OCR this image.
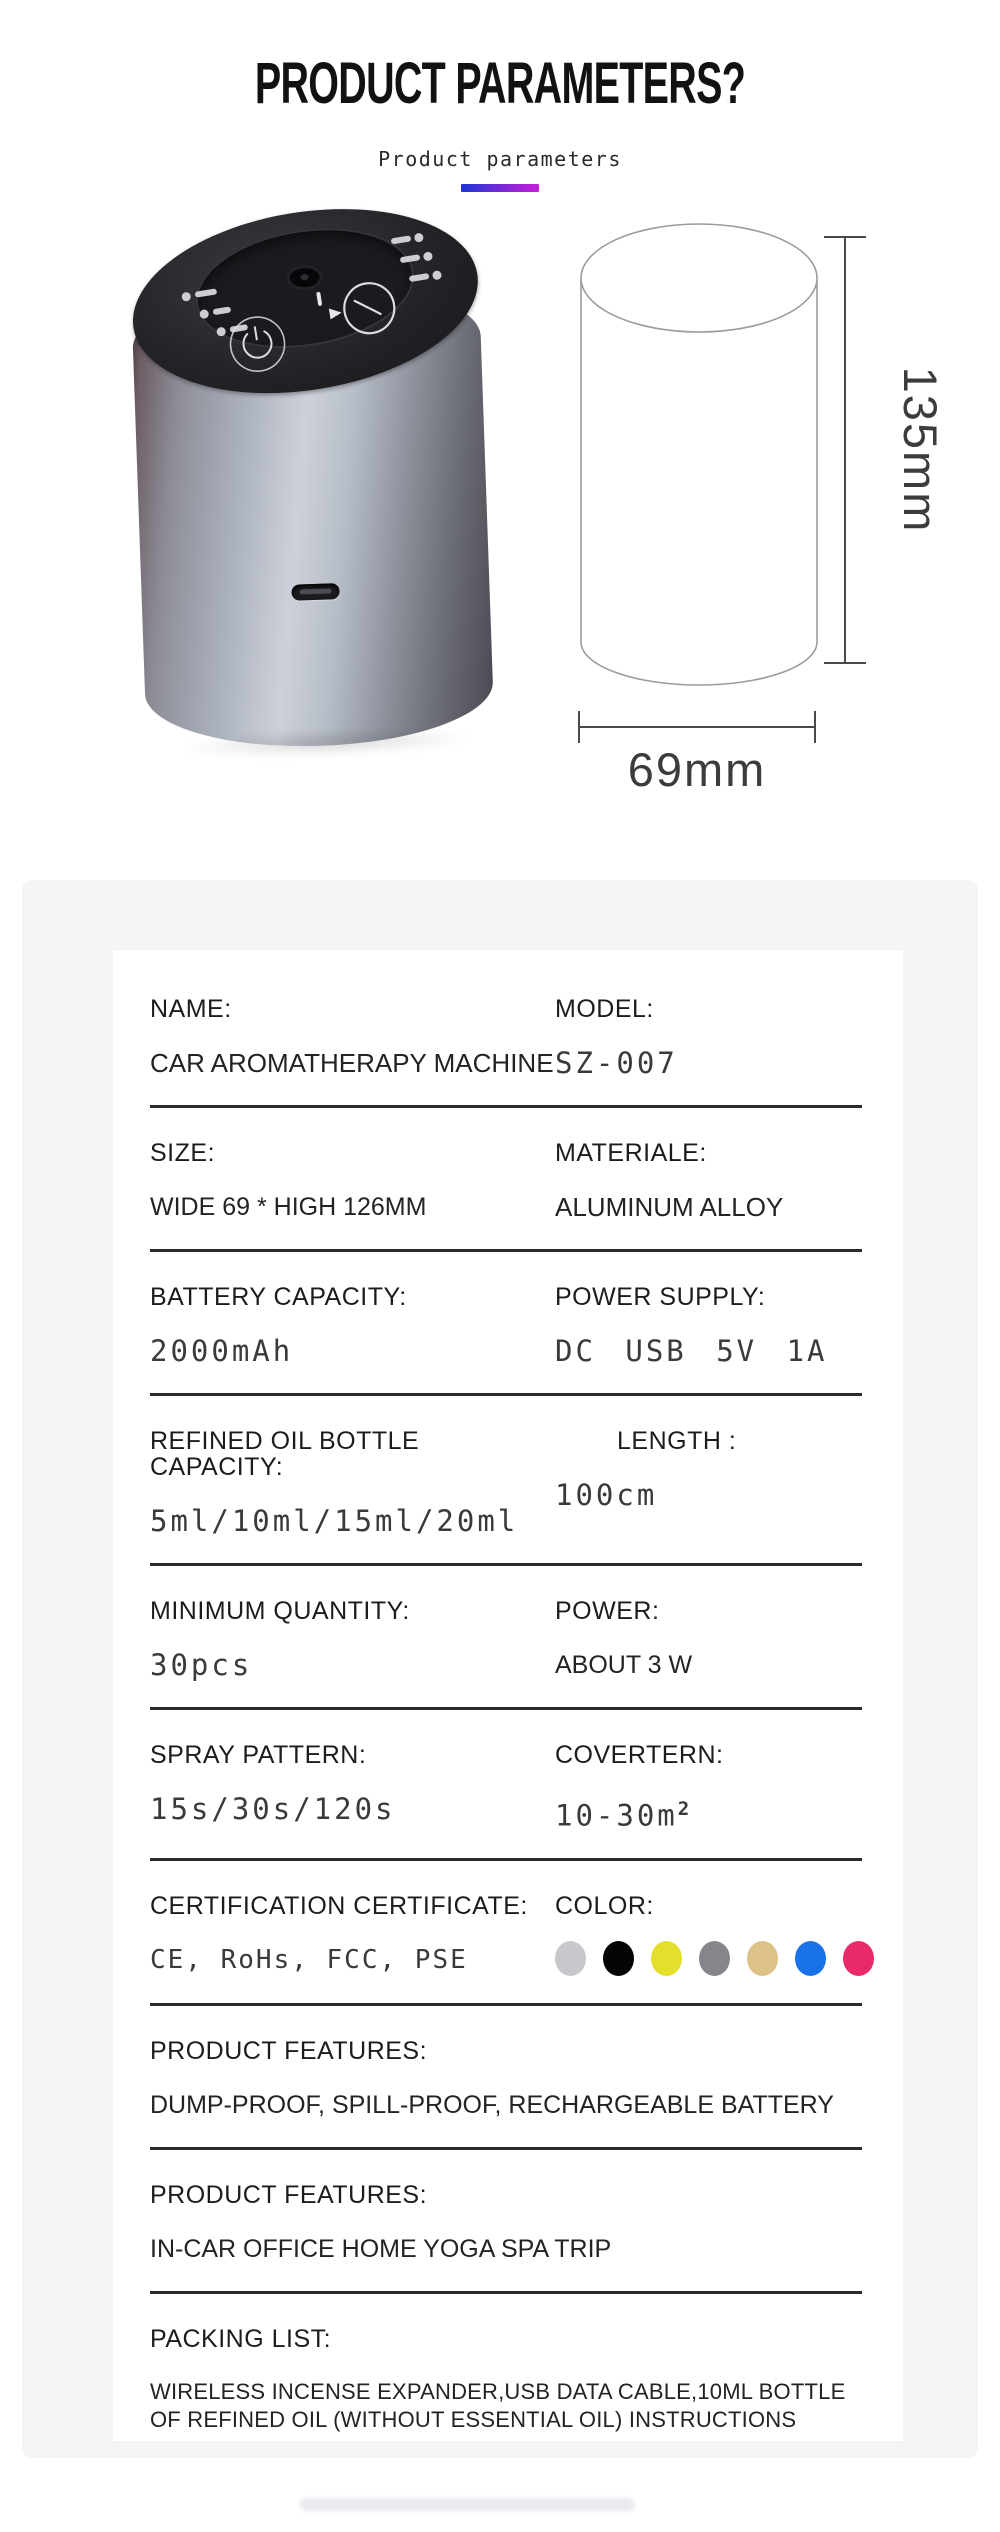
PRODUCT PARAMETERS?
Product parameters
135mm
69mm
NAME:
CAR AROMATHERAPY MACHINE
MODEL:
SZ-007
SIZE:
WIDE 69 * HIGH 126MM
MATERIALE:
ALUMINUM ALLOY
BATTERY CAPACITY:
2000mAh
POWER SUPPLY:
DC USB 5V 1A
REFINED OIL BOTTLE CAPACITY:
5ml/10ml/15ml/20ml
LENGTH :
100cm
MINIMUM QUANTITY:
30pcs
POWER:
ABOUT 3 W
SPRAY PATTERN:
15s/30s/120s
COVERTERN:
$10-30m^2$
CERTIFICATION CERTIFICATE:
CE, RoHs, FCC, PSE
COLOR:
PRODUCT FEATURES:
DUMP-PROOF, SPILL-PROOF, RECHARGEABLE BATTERY
PRODUCT FEATURES:
IN-CAR OFFICE HOME YOGA SPA TRIP
PACKING LIST:
WIRELESS INCENSE EXPANDER,USB DATA CABLE,10ML BOTTLE OF REFINED OIL (WITHOUT ESSENTIAL OIL) INSTRUCTIONS
